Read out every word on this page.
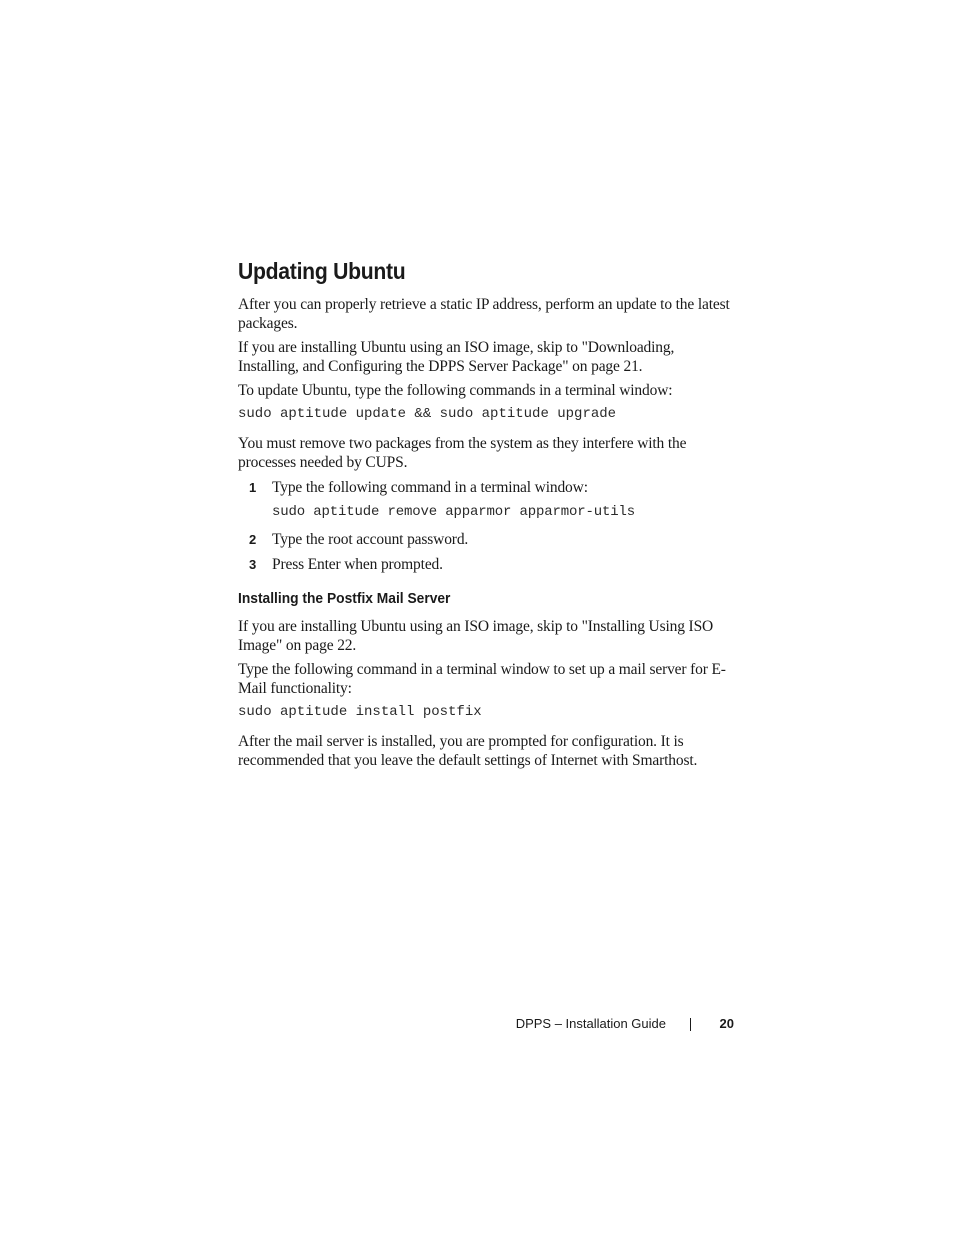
Updating Ubuntu

After you can properly retrieve a static IP address, perform an update to the latest packages.

If you are installing Ubuntu using an ISO image, skip to "Downloading, Installing, and Configuring the DPPS Server Package" on page 21.

To update Ubuntu, type the following commands in a terminal window:

sudo aptitude update && sudo aptitude upgrade

You must remove two packages from the system as they interfere with the processes needed by CUPS.

1 Type the following command in a terminal window:
sudo aptitude remove apparmor apparmor-utils
2 Type the root account password.
3 Press Enter when prompted.
Installing the Postfix Mail Server

If you are installing Ubuntu using an ISO image, skip to "Installing Using ISO Image" on page 22.

Type the following command in a terminal window to set up a mail server for E-Mail functionality:

sudo aptitude install postfix

After the mail server is installed, you are prompted for configuration. It is recommended that you leave the default settings of Internet with Smarthost.

DPPS – Installation Guide	20
